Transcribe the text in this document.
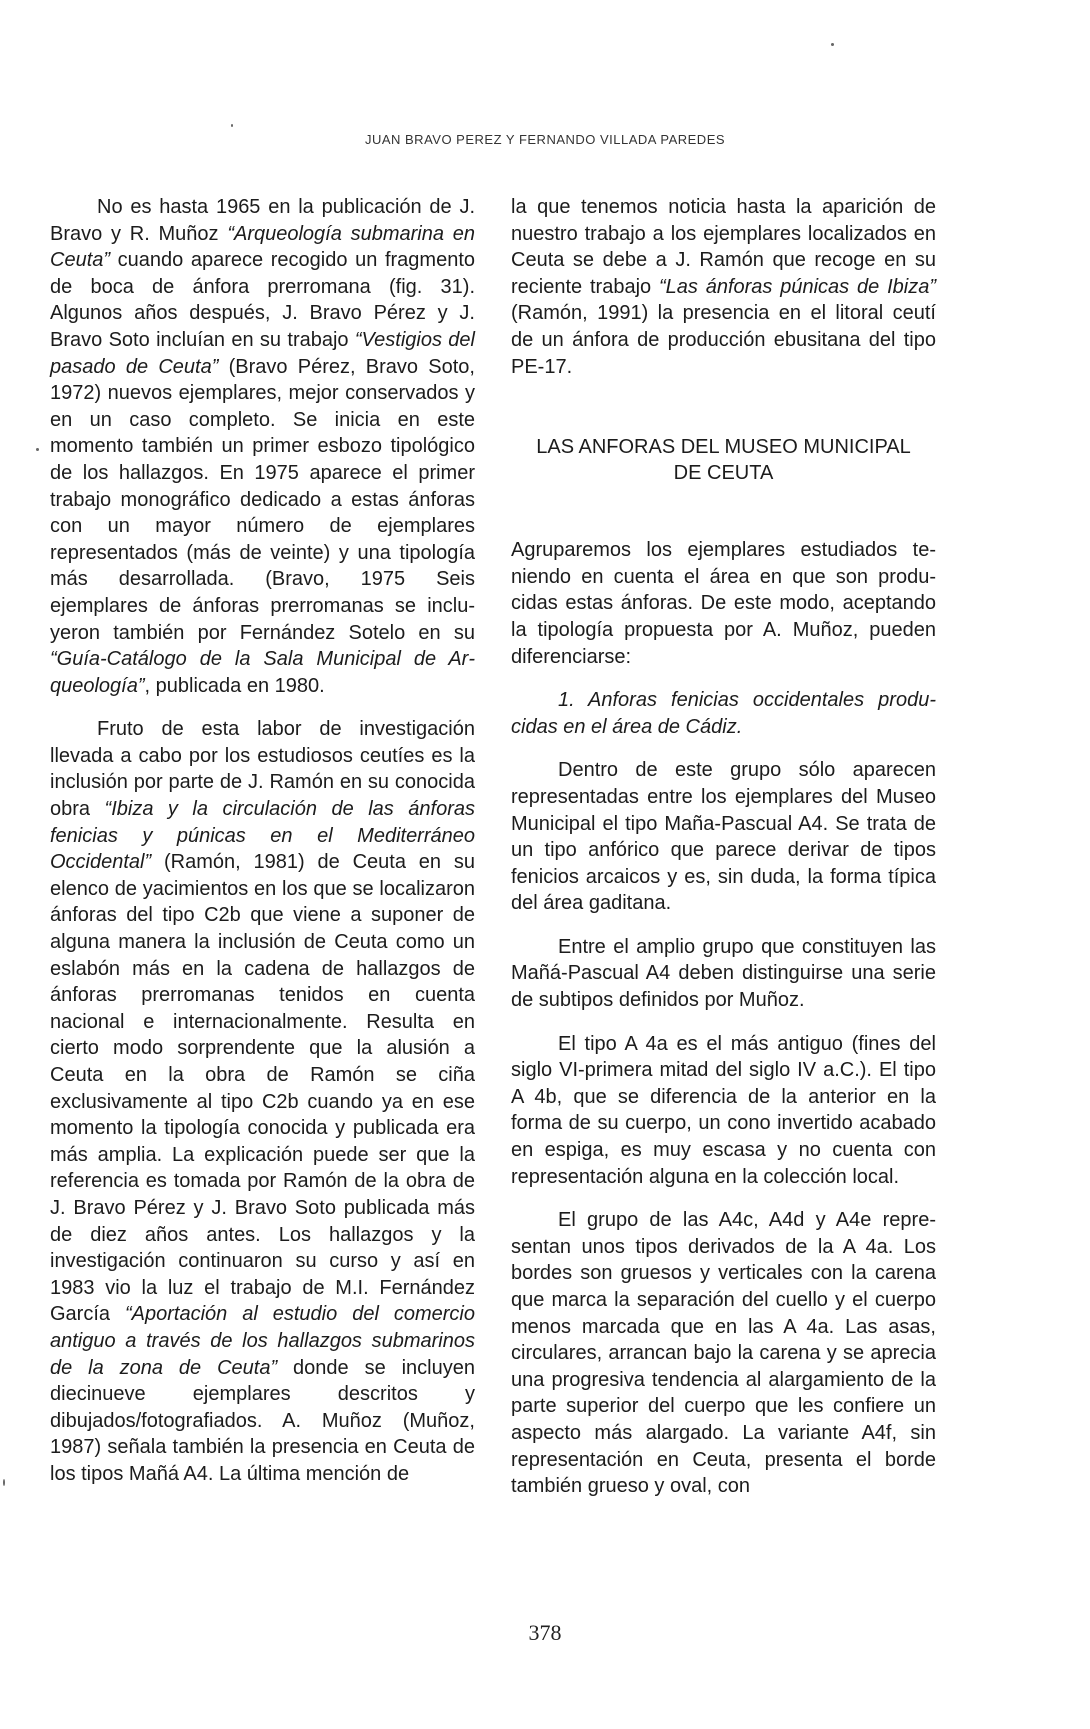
JUAN BRAVO PEREZ Y FERNANDO VILLADA PAREDES

No es hasta 1965 en la publicación de J. Bravo y R. Muñoz “Arqueología submarina en Ceuta” cuando aparece recogido un fragmento de boca de ánfora prerromana (fig. 31). Algunos años después, J. Bravo Pérez y J. Bravo Soto incluían en su trabajo “Vestigios del pasado de Ceuta” (Bravo Pérez, Bravo Soto, 1972) nuevos ejemplares, mejor conservados y en un caso completo. Se inicia en este momento también un primer esbozo tipológico de los hallazgos. En 1975 aparece el primer trabajo monográfico dedicado a estas ánforas con un mayor número de ejemplares representados (más de veinte) y una tipología más desarrollada. (Bravo, 1975 Seis ejemplares de ánforas prerromanas se incluyeron también por Fernández Sotelo en su “Guía-Catálogo de la Sala Municipal de Arqueología”, publicada en 1980.

Fruto de esta labor de investigación llevada a cabo por los estudiosos ceutíes es la inclusión por parte de J. Ramón en su conocida obra “Ibiza y la circulación de las ánforas fenicias y púnicas en el Mediterráneo Occidental” (Ramón, 1981) de Ceuta en su elenco de yacimientos en los que se localizaron ánforas del tipo C2b que viene a suponer de alguna manera la inclusión de Ceuta como un eslabón más en la cadena de hallazgos de ánforas prerromanas tenidos en cuenta nacional e internacionalmente. Resulta en cierto modo sorprendente que la alusión a Ceuta en la obra de Ramón se ciña exclusivamente al tipo C2b cuando ya en ese momento la tipología conocida y publicada era más amplia. La explicación puede ser que la referencia es tomada por Ramón de la obra de J. Bravo Pérez y J. Bravo Soto publicada más de diez años antes. Los hallazgos y la investigación continuaron su curso y así en 1983 vio la luz el trabajo de M.I. Fernández García “Aportación al estudio del comercio antiguo a través de los hallazgos submarinos de la zona de Ceuta” donde se incluyen diecinueve ejemplares descritos y dibujados/fotografiados. A. Muñoz (Muñoz, 1987) señala también la presencia en Ceuta de los tipos Mañá A4. La última mención de

la que tenemos noticia hasta la aparición de nuestro trabajo a los ejemplares localizados en Ceuta se debe a J. Ramón que recoge en su reciente trabajo “Las ánforas púnicas de Ibiza” (Ramón, 1991) la presencia en el litoral ceutí de un ánfora de producción ebusitana del tipo PE-17.

LAS ANFORAS DEL MUSEO MUNICIPAL
DE CEUTA

Agruparemos los ejemplares estudiados teniendo en cuenta el área en que son producidas estas ánforas. De este modo, aceptando la tipología propuesta por A. Muñoz, pueden diferenciarse:

1. Anforas fenicias occidentales producidas en el área de Cádiz.

Dentro de este grupo sólo aparecen representadas entre los ejemplares del Museo Municipal el tipo Maña-Pascual A4. Se trata de un tipo anfórico que parece derivar de tipos fenicios arcaicos y es, sin duda, la forma típica del área gaditana.

Entre el amplio grupo que constituyen las Mañá-Pascual A4 deben distinguirse una serie de subtipos definidos por Muñoz.

El tipo A 4a es el más antiguo (fines del siglo VI-primera mitad del siglo IV a.C.). El tipo A 4b, que se diferencia de la anterior en la forma de su cuerpo, un cono invertido acabado en espiga, es muy escasa y no cuenta con representación alguna en la colección local.

El grupo de las A4c, A4d y A4e representan unos tipos derivados de la A 4a. Los bordes son gruesos y verticales con la carena que marca la separación del cuello y el cuerpo menos marcada que en las A 4a. Las asas, circulares, arrancan bajo la carena y se aprecia una progresiva tendencia al alargamiento de la parte superior del cuerpo que les confiere un aspecto más alargado. La variante A4f, sin representación en Ceuta, presenta el borde también grueso y oval, con

378
